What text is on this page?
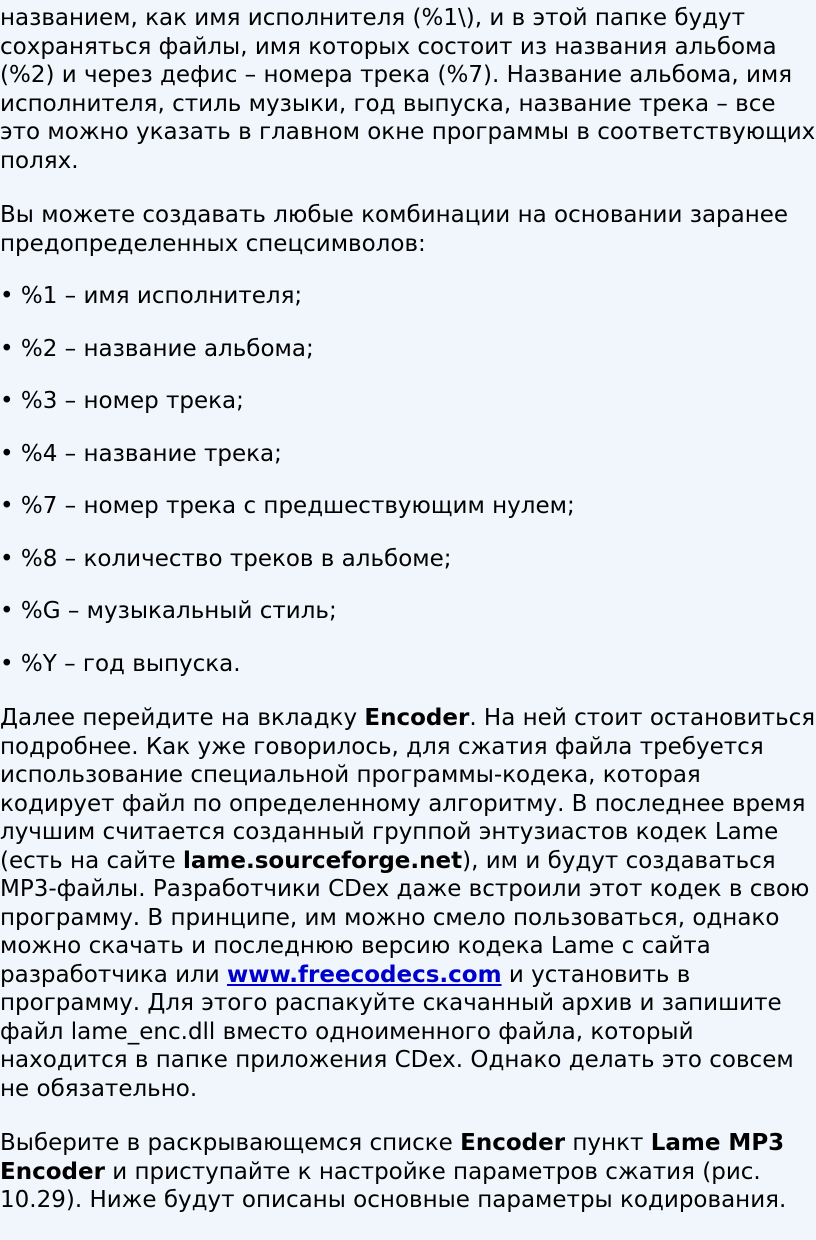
названием, как имя исполнителя (%1\), и в этой папке будут сохраняться файлы, имя которых состоит из названия альбома (%2) и через дефис – номера трека (%7). Название альбома, имя исполнителя, стиль музыки, год выпуска, название трека – все это можно указать в главном окне программы в соответствующих полях.

Вы можете создавать любые комбинации на основании заранее предопределенных спецсимволов:

• %1 – имя исполнителя;

• %2 – название альбома;

• %3 – номер трека;

• %4 – название трека;

• %7 – номер трека с предшествующим нулем;

• %8 – количество треков в альбоме;

• %G – музыкальный стиль;

• %Y – год выпуска.

Далее перейдите на вкладку Encoder. На ней стоит остановиться подробнее. Как уже говорилось, для сжатия файла требуется использование специальной программы-кодека, которая кодирует файл по определенному алгоритму. В последнее время лучшим считается созданный группой энтузиастов кодек Lame (есть на сайте lame.sourceforge.net), им и будут создаваться MP3-файлы. Разработчики CDex даже встроили этот кодек в свою программу. В принципе, им можно смело пользоваться, однако можно скачать и последнюю версию кодека Lame с сайта разработчика или www.freecodecs.com и установить в программу. Для этого распакуйте скачанный архив и запишите файл lame_enc.dll вместо одноименного файла, который находится в папке приложения CDex. Однако делать это совсем не обязательно.

Выберите в раскрывающемся списке Encoder пункт Lame MP3 Encoder и приступайте к настройке параметров сжатия (рис. 10.29). Ниже будут описаны основные параметры кодирования.
